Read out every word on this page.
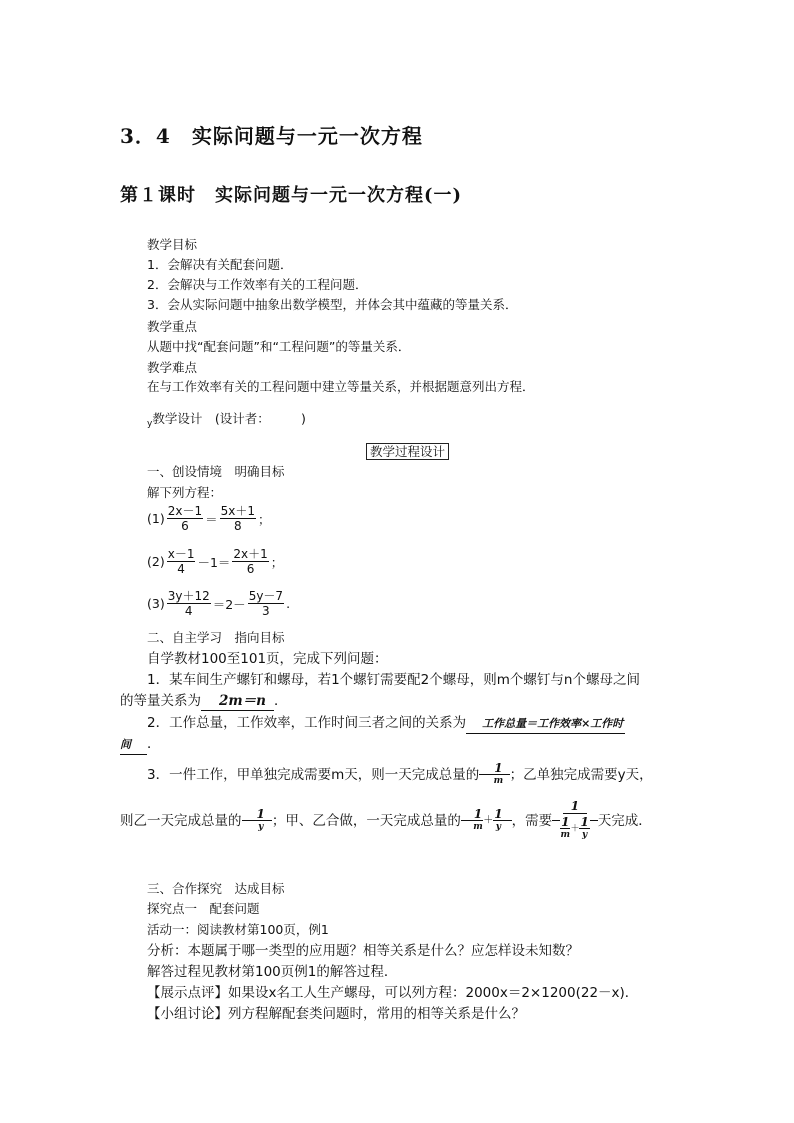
3．4　实际问题与一元一次方程
第１课时　实际问题与一元一次方程(一)
教学目标
1．会解决有关配套问题．
2．会解决与工作效率有关的工程问题．
3．会从实际问题中抽象出数学模型，并体会其中蕴藏的等量关系．
教学重点
从题中找“配套问题”和“工程问题”的等量关系．
教学难点
在与工作效率有关的工程问题中建立等量关系，并根据题意列出方程．
$_y$教学设计　(设计者：　　　)
教学过程设计
一、创设情境　明确目标
解下列方程：
$(1) \frac{2x-1}{6} = \frac{5x+1}{8}$ ；
$(2) \frac{x-1}{4} -1= \frac{2x+1}{6}$ ；
$(3) \frac{3y+12}{4} =2- \frac{5y-7}{3}$ .
二、自主学习　指向目标
自学教材100至101页，完成下列问题：
1．某车间生产螺钉和螺母，若1个螺钉需要配2个螺母，则m个螺钉与n个螺母之间
的等量关系为 2m＝n ．
2．工作总量，工作效率，工作时间三者之间的关系为 工作总量＝工作效率×工作时
间 ．
3．一件工作，甲单独完成需要m天，则一天完成总量的 $\frac{1}{m}$ ；乙单独完成需要y天，
则乙一天完成总量的 $\frac{1}{y}$ ；甲、乙合做，一天完成总量的 $\frac{1}{m} + \frac{1}{y}$ ，需要
1
$\frac{1}{m} + \frac{1}{y}$ 天完成．
三、合作探究　达成目标
探究点一　配套问题
活动一：阅读教材第100页，例1
分析：本题属于哪一类型的应用题？相等关系是什么？应怎样设未知数？
解答过程见教材第100页例1的解答过程．
【展示点评】如果设x名工人生产螺母，可以列方程：2000x＝2×1200(22－x)．
【小组讨论】列方程解配套类问题时，常用的相等关系是什么？
